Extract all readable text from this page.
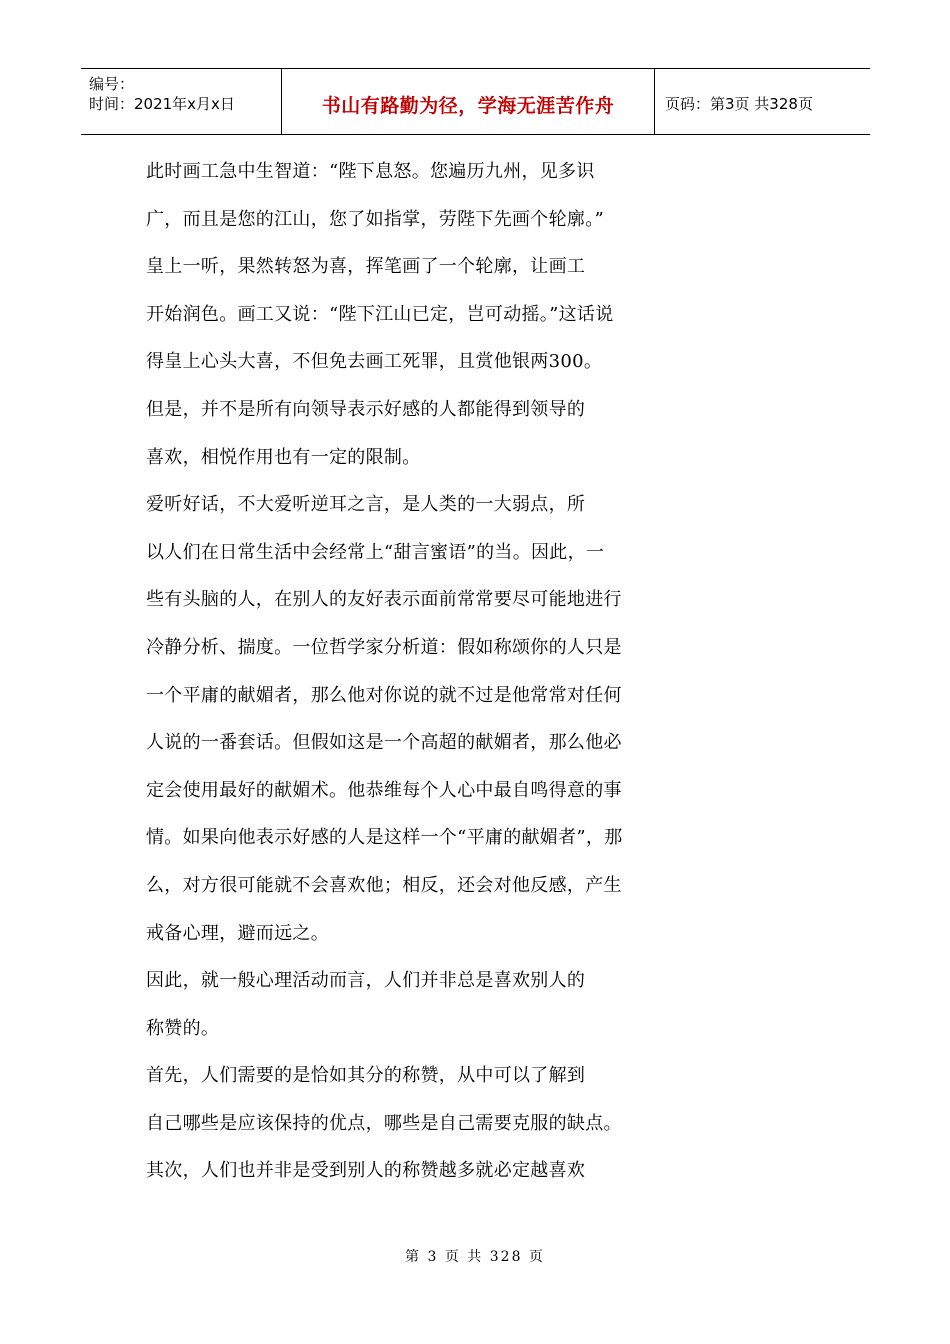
编号：
时间：2021年x月x日	书山有路勤为径，学海无涯苦作舟	页码：第3页 共328页
此时画工急中生智道：“陛下息怒。您遍历九州，见多识
广，而且是您的江山，您了如指掌，劳陛下先画个轮廓。”
皇上一听，果然转怒为喜，挥笔画了一个轮廓，让画工
开始润色。画工又说：“陛下江山已定，岂可动摇。”这话说
得皇上心头大喜，不但免去画工死罪，且赏他银两300。
但是，并不是所有向领导表示好感的人都能得到领导的
喜欢，相悦作用也有一定的限制。
爱听好话，不大爱听逆耳之言，是人类的一大弱点，所
以人们在日常生活中会经常上“甜言蜜语”的当。因此，一
些有头脑的人，在别人的友好表示面前常常要尽可能地进行
冷静分析、揣度。一位哲学家分析道：假如称颂你的人只是
一个平庸的献媚者，那么他对你说的就不过是他常常对任何
人说的一番套话。但假如这是一个高超的献媚者，那么他必
定会使用最好的献媚术。他恭维每个人心中最自鸣得意的事
情。如果向他表示好感的人是这样一个“平庸的献媚者”，那
么，对方很可能就不会喜欢他；相反，还会对他反感，产生
戒备心理，避而远之。
因此，就一般心理活动而言，人们并非总是喜欢别人的
称赞的。
首先，人们需要的是恰如其分的称赞，从中可以了解到
自己哪些是应该保持的优点，哪些是自己需要克服的缺点。
其次，人们也并非是受到别人的称赞越多就必定越喜欢
第 3 页 共 328 页
